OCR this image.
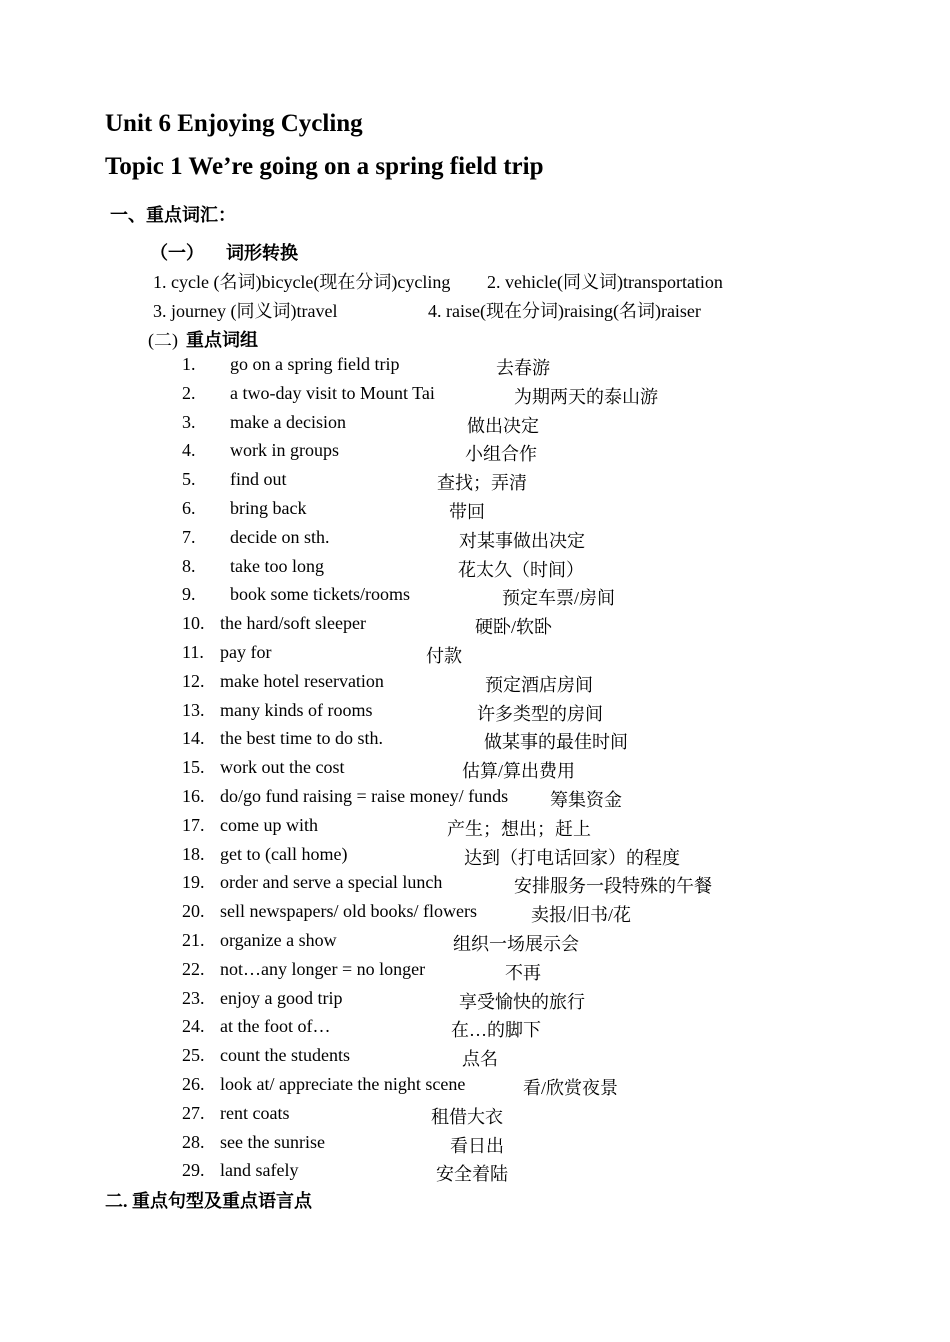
Unit 6 Enjoying Cycling
Topic 1 We’re going on a spring field trip
一、重点词汇：
（一） 词形转换
1. cycle (名词)bicycle(现在分词)cycling 2. vehicle(同义词)transportation
3. journey (同义词)travel	4. raise(现在分词)raising(名词)raiser
(二) 重点词组
1. go on a spring field trip	去春游
2. a two-day visit to Mount Tai	为期两天的泰山游
3. make a decision	做出决定
4. work in groups	小组合作
5. find out	查找；弄清
6. bring back	带回
7. decide on sth.	对某事做出决定
8. take too long	花太久（时间）
9. book some tickets/rooms	预定车票/房间
10. the hard/soft sleeper	硬卧/软卧
11. pay for	付款
12. make hotel reservation	预定酒店房间
13. many kinds of rooms	许多类型的房间
14. the best time to do sth.	做某事的最佳时间
15. work out the cost	估算/算出费用
16. do/go fund raising = raise money/ funds 筹集资金
17. come up with	产生；想出；赶上
18. get to (call home)	达到（打电话回家）的程度
19. order and serve a special lunch	安排服务一段特殊的午餐
20. sell newspapers/ old books/ flowers	卖报/旧书/花
21. organize a show	组织一场展示会
22. not…any longer = no longer	不再
23. enjoy a good trip	享受愉快的旅行
24. at the foot of…	在…的脚下
25. count the students	点名
26. look at/ appreciate the night scene	看/欣赏夜景
27. rent coats	租借大衣
28. see the sunrise	看日出
29. land safely	安全着陆
二. 重点句型及重点语言点
